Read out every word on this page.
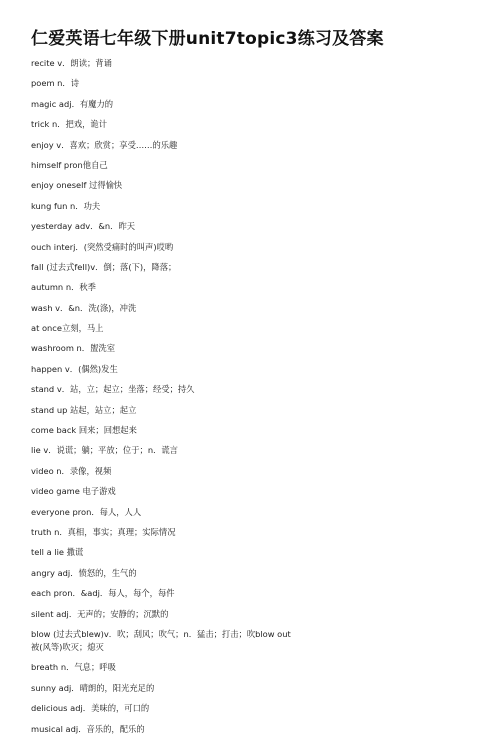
仁爱英语七年级下册unit7topic3练习及答案
recite v．朗读；背诵
poem n．诗
magic adj．有魔力的
trick n．把戏，诡计
enjoy v．喜欢；欣赏；享受……的乐趣
himself pron他自己
enjoy oneself 过得愉快
kung fun n．功夫
yesterday adv．&n．昨天
ouch interj．(突然受痛时的叫声)哎哟
fall (过去式fell)v．倒；落(下)，降落；
autumn n．秋季
wash v．&n．洗(涤)，冲洗
at once立刻，马上
washroom n．盥洗室
happen v．(偶然)发生
stand v．站，立；起立；坐落；经受；持久
stand up 站起，站立；起立
come back 回来；回想起来
lie v．说谎；躺；平放；位于；n．谎言
video n．录像，视频
video game 电子游戏
everyone pron．每人，人人
truth n．真相，事实；真理；实际情况
tell a lie 撒谎
angry adj．愤怒的，生气的
each pron．&adj．每人，每个，每件
silent adj．无声的；安静的；沉默的
blow (过去式blew)v．吹；刮风；吹气；n．猛击；打击；吹blow out
被(风等)吹灭；熄灭
breath n．气息；呼吸
sunny adj．晴朗的，阳光充足的
delicious adj．美味的，可口的
musical adj．音乐的，配乐的
